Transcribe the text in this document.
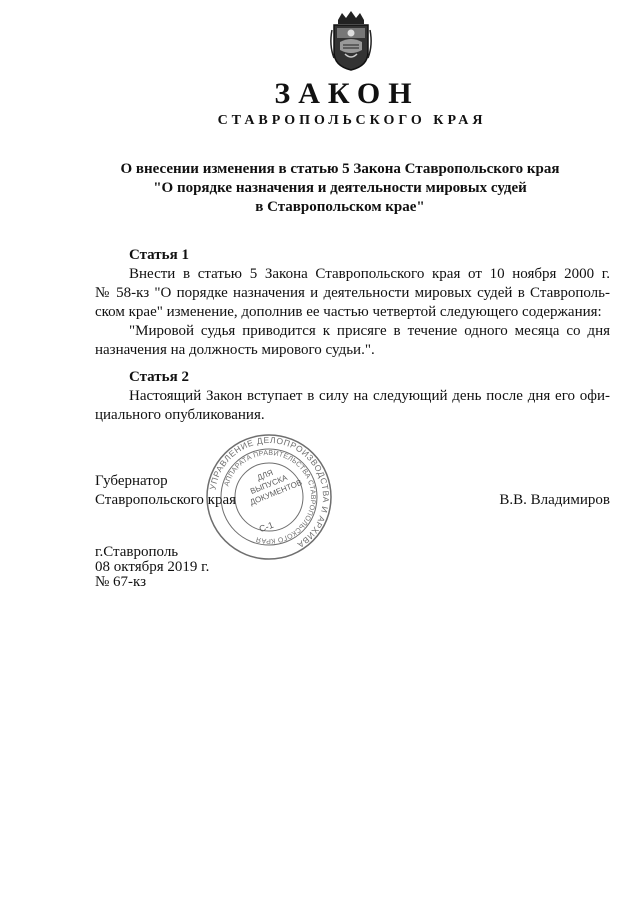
ЗАКОН
СТАВРОПОЛЬСКОГО КРАЯ
О внесении изменения в статью 5 Закона Ставропольского края
"О порядке назначения и деятельности мировых судей
в Ставропольском крае"
Статья 1
Внести в статью 5 Закона Ставропольского края от 10 ноября 2000 г.
№ 58-кз "О порядке назначения и деятельности мировых судей в Ставрополь-
ском крае" изменение, дополнив ее частью четвертой следующего содержания:
"Мировой судья приводится к присяге в течение одного месяца со дня
назначения на должность мирового судьи.".
Статья 2
Настоящий Закон вступает в силу на следующий день после дня его офи-
циального опубликования.
Губернатор
Ставропольского края	В.В. Владимиров
УПРАВЛЕНИЕ ДЕЛОПРОИЗВОДСТВА И АРХИВА
АППАРАТА ПРАВИТЕЛЬСТВА СТАВРОПОЛЬСКОГО КРАЯ
ДЛЯ ВЫПУСКА ДОКУМЕНТОВ
С-1
г.Ставрополь
08 октября 2019 г.
№ 67-кз
